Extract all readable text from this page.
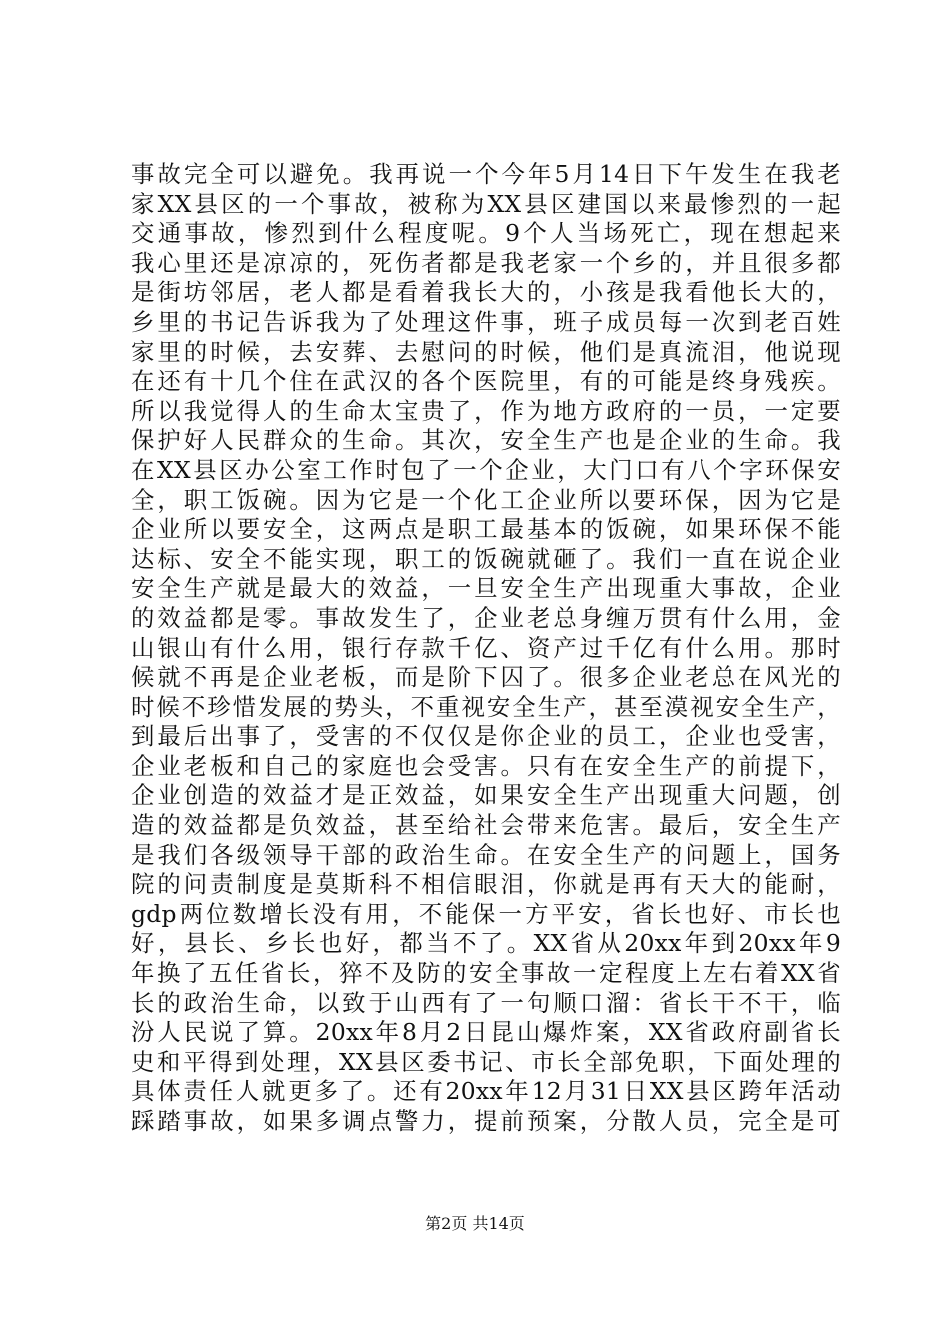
事故完全可以避免。我再说一个今年5月14日下午发生在我老
家XX县区的一个事故，被称为XX县区建国以来最惨烈的一起
交通事故，惨烈到什么程度呢。9个人当场死亡，现在想起来
我心里还是凉凉的，死伤者都是我老家一个乡的，并且很多都
是街坊邻居，老人都是看着我长大的，小孩是我看他长大的，
乡里的书记告诉我为了处理这件事，班子成员每一次到老百姓
家里的时候，去安葬、去慰问的时候，他们是真流泪，他说现
在还有十几个住在武汉的各个医院里，有的可能是终身残疾。
所以我觉得人的生命太宝贵了，作为地方政府的一员，一定要
保护好人民群众的生命。其次，安全生产也是企业的生命。我
在XX县区办公室工作时包了一个企业，大门口有八个字环保安
全，职工饭碗。因为它是一个化工企业所以要环保，因为它是
企业所以要安全，这两点是职工最基本的饭碗，如果环保不能
达标、安全不能实现，职工的饭碗就砸了。我们一直在说企业
安全生产就是最大的效益，一旦安全生产出现重大事故，企业
的效益都是零。事故发生了，企业老总身缠万贯有什么用，金
山银山有什么用，银行存款千亿、资产过千亿有什么用。那时
候就不再是企业老板，而是阶下囚了。很多企业老总在风光的
时候不珍惜发展的势头，不重视安全生产，甚至漠视安全生产，
到最后出事了，受害的不仅仅是你企业的员工，企业也受害，
企业老板和自己的家庭也会受害。只有在安全生产的前提下，
企业创造的效益才是正效益，如果安全生产出现重大问题，创
造的效益都是负效益，甚至给社会带来危害。最后，安全生产
是我们各级领导干部的政治生命。在安全生产的问题上，国务
院的问责制度是莫斯科不相信眼泪，你就是再有天大的能耐，
gdp两位数增长没有用，不能保一方平安，省长也好、市长也
好，县长、乡长也好，都当不了。XX省从20xx年到20xx年9
年换了五任省长，猝不及防的安全事故一定程度上左右着XX省
长的政治生命，以致于山西有了一句顺口溜：省长干不干，临
汾人民说了算。20xx年8月2日昆山爆炸案，XX省政府副省长
史和平得到处理，XX县区委书记、市长全部免职，下面处理的
具体责任人就更多了。还有20xx年12月31日XX县区跨年活动
踩踏事故，如果多调点警力，提前预案，分散人员，完全是可
第2页 共14页
